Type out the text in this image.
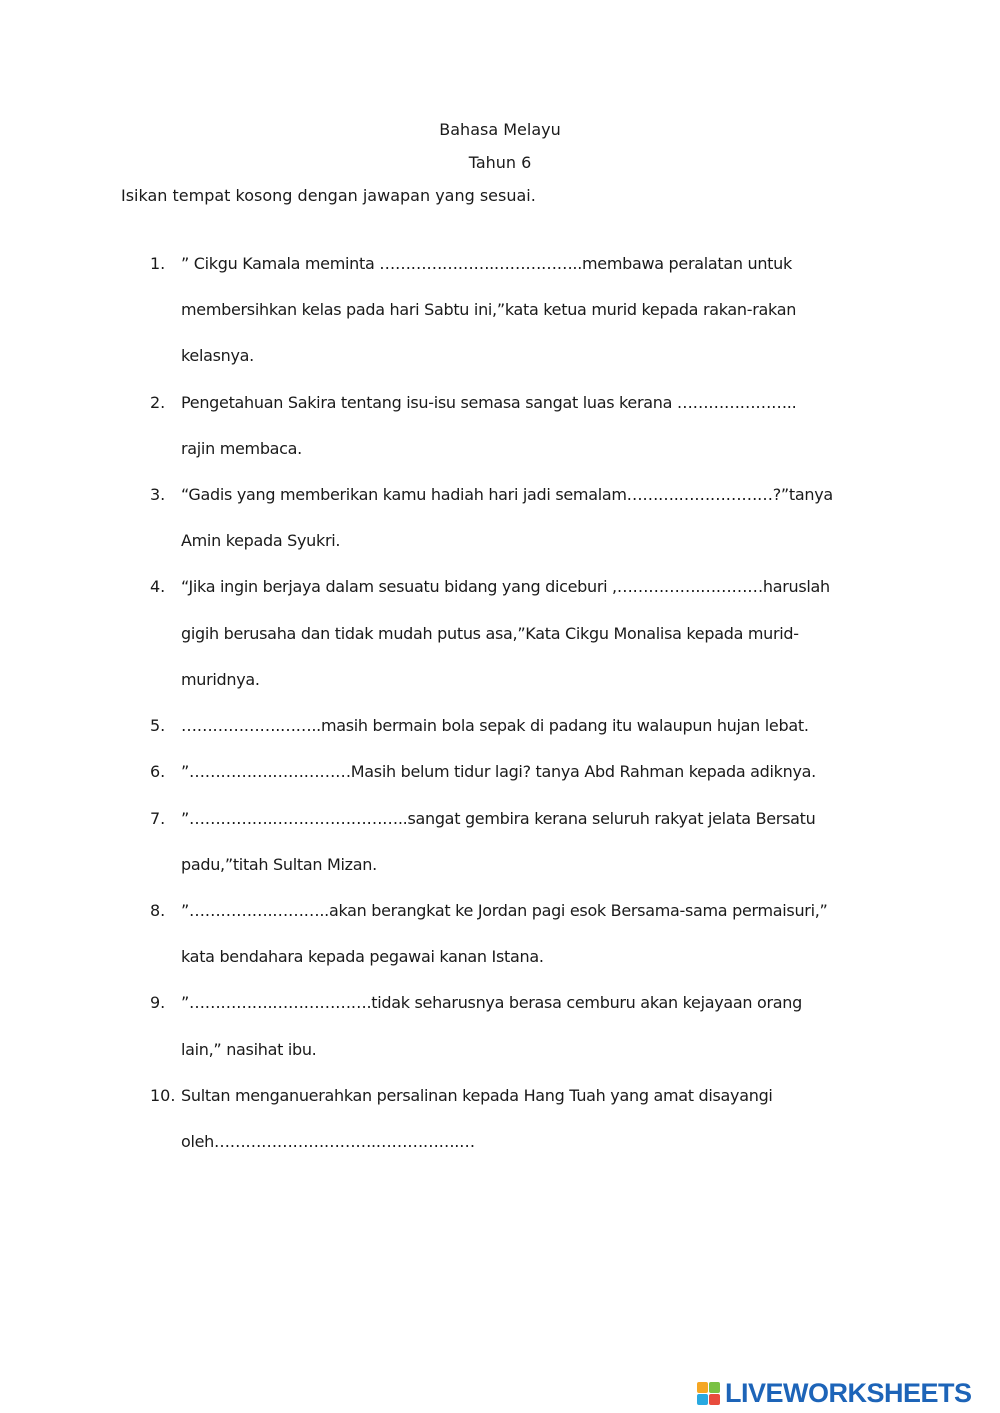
Bahasa Melayu
Tahun 6
Isikan tempat kosong dengan jawapan yang sesuai.
1. ” Cikgu Kamala meminta ………………….……………..membawa peralatan untuk
membersihkan kelas pada hari Sabtu ini,”kata ketua murid kepada rakan-rakan
kelasnya.
2. Pengetahuan Sakira tentang isu-isu semasa sangat luas kerana …………………..
rajin membaca.
3. “Gadis yang memberikan kamu hadiah hari jadi semalam……….………………?”tanya
Amin kepada Syukri.
4. “Jika ingin berjaya dalam sesuatu bidang yang diceburi ,…………….…………haruslah
gigih berusaha dan tidak mudah putus asa,”Kata Cikgu Monalisa kepada murid-
muridnya.
5. ……………….……..masih bermain bola sepak di padang itu walaupun hujan lebat.
6. ”…………….……………Masih belum tidur lagi? tanya Abd Rahman kepada adiknya.
7. ”…………….……………………..sangat gembira kerana seluruh rakyat jelata Bersatu
padu,”titah Sultan Mizan.
8. ”…………….………..akan berangkat ke Jordan pagi esok Bersama-sama permaisuri,”
kata bendahara kepada pegawai kanan Istana.
9. ”…………….……………….tidak seharusnya berasa cemburu akan kejayaan orang
lain,” nasihat ibu.
10. Sultan menganuerahkan persalinan kepada Hang Tuah yang amat disayangi
oleh………………………….…………….…
LIVEWORKSHEETS
